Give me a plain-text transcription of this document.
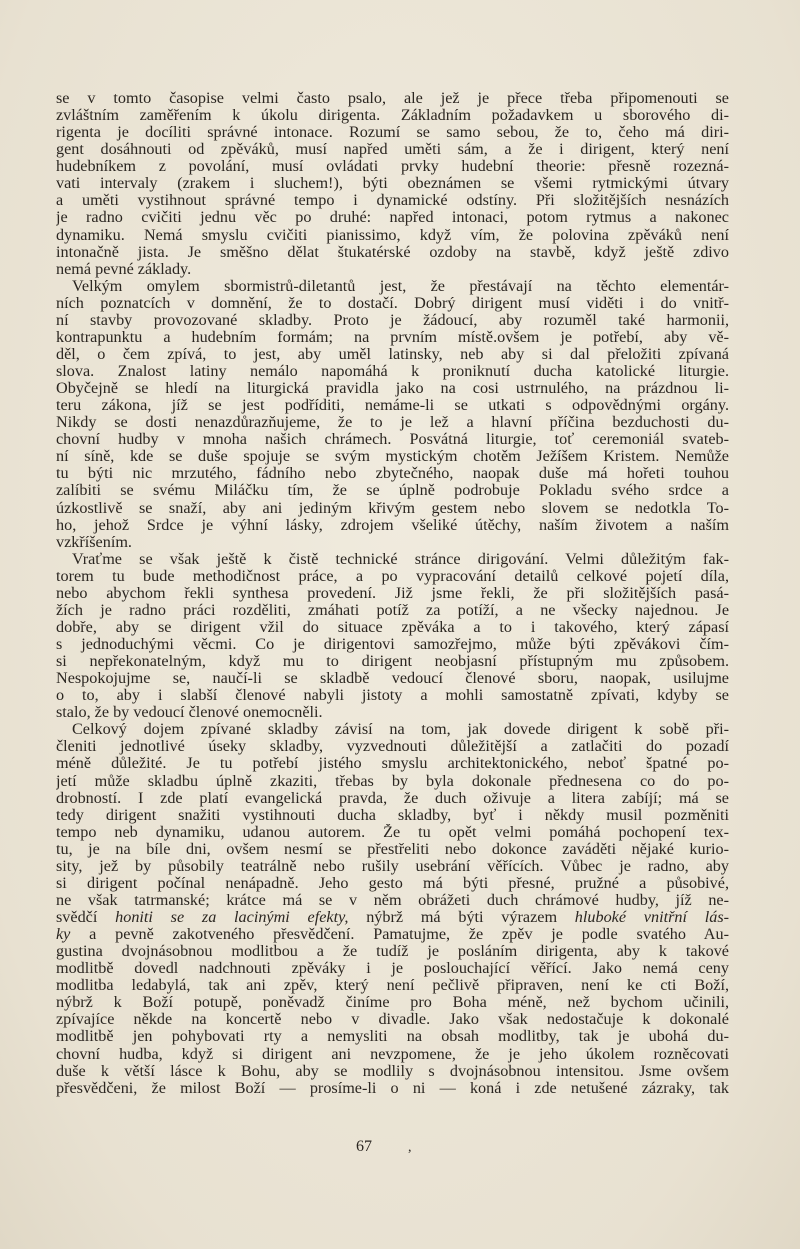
se v tomto časopise velmi často psalo, ale jež je přece třeba připomenouti se
zvláštním zaměřením k úkolu dirigenta. Základním požadavkem u sborového di-
rigenta je docíliti správné intonace. Rozumí se samo sebou, že to, čeho má diri-
gent dosáhnouti od zpěváků, musí napřed uměti sám, a že i dirigent, který není
hudebníkem z povolání, musí ovládati prvky hudební theorie: přesně rozezná-
vati intervaly (zrakem i sluchem!), býti obeznámen se všemi rytmickými útvary
a uměti vystihnout správné tempo i dynamické odstíny. Při složitějších nesnázích
je radno cvičiti jednu věc po druhé: napřed intonaci, potom rytmus a nakonec
dynamiku. Nemá smyslu cvičiti pianissimo, když vím, že polovina zpěváků není
intonačně jista. Je směšno dělat štukatérské ozdoby na stavbě, když ještě zdivo
nemá pevné základy.
Velkým omylem sbormistrů-diletantů jest, že přestávají na těchto elementár-
ních poznatcích v domnění, že to dostačí. Dobrý dirigent musí viděti i do vnitř-
ní stavby provozované skladby. Proto je žádoucí, aby rozuměl také harmonii,
kontrapunktu a hudebním formám; na prvním místě.ovšem je potřebí, aby vě-
děl, o čem zpívá, to jest, aby uměl latinsky, neb aby si dal přeložiti zpívaná
slova. Znalost latiny nemálo napomáhá k proniknutí ducha katolické liturgie.
Obyčejně se hledí na liturgická pravidla jako na cosi ustrnulého, na prázdnou li-
teru zákona, jíž se jest podříditi, nemáme-li se utkati s odpovědnými orgány.
Nikdy se dosti nenazdůrazňujeme, že to je lež a hlavní příčina bezduchosti du-
chovní hudby v mnoha našich chrámech. Posvátná liturgie, toť ceremoniál svateb-
ní síně, kde se duše spojuje se svým mystickým chotěm Ježíšem Kristem. Nemůže
tu býti nic mrzutého, fádního nebo zbytečného, naopak duše má hořeti touhou
zalíbiti se svému Miláčku tím, že se úplně podrobuje Pokladu svého srdce a
úzkostlivě se snaží, aby ani jediným křivým gestem nebo slovem se nedotkla To-
ho, jehož Srdce je výhní lásky, zdrojem všeliké útěchy, naším životem a naším
vzkříšením.
Vraťme se však ještě k čistě technické stránce dirigování. Velmi důležitým fak-
torem tu bude methodičnost práce, a po vypracování detailů celkové pojetí díla,
nebo abychom řekli synthesa provedení. Již jsme řekli, že při složitějších pasá-
žích je radno práci rozděliti, zmáhati potíž za potíží, a ne všecky najednou. Je
dobře, aby se dirigent vžil do situace zpěváka a to i takového, který zápasí
s jednoduchými věcmi. Co je dirigentovi samozřejmo, může býti zpěvákovi čím-
si nepřekonatelným, když mu to dirigent neobjasní přístupným mu způsobem.
Nespokojujme se, naučí-li se skladbě vedoucí členové sboru, naopak, usilujme
o to, aby i slabší členové nabyli jistoty a mohli samostatně zpívati, kdyby se
stalo, že by vedoucí členové onemocněli.
Celkový dojem zpívané skladby závisí na tom, jak dovede dirigent k sobě při-
členiti jednotlivé úseky skladby, vyzvednouti důležitější a zatlačiti do pozadí
méně důležité. Je tu potřebí jistého smyslu architektonického, neboť špatné po-
jetí může skladbu úplně zkaziti, třebas by byla dokonale přednesena co do po-
drobností. I zde platí evangelická pravda, že duch oživuje a litera zabíjí; má se
tedy dirigent snažiti vystihnouti ducha skladby, byť i někdy musil pozměniti
tempo neb dynamiku, udanou autorem. Že tu opět velmi pomáhá pochopení tex-
tu, je na bíle dni, ovšem nesmí se přestřeliti nebo dokonce zaváděti nějaké kurio-
sity, jež by působily teatrálně nebo rušily usebrání věřících. Vůbec je radno, aby
si dirigent počínal nenápadně. Jeho gesto má býti přesné, pružné a působivé,
ne však tatrmanské; krátce má se v něm obrážeti duch chrámové hudby, jíž ne-
svědčí honiti se za lacinými efekty, nýbrž má býti výrazem hluboké vnitřní lás-
ky a pevně zakotveného přesvědčení. Pamatujme, že zpěv je podle svatého Au-
gustina dvojnásobnou modlitbou a že tudíž je posláním dirigenta, aby k takové
modlitbě dovedl nadchnouti zpěváky i je poslouchající věřící. Jako nemá ceny
modlitba ledabylá, tak ani zpěv, který není pečlivě připraven, není ke cti Boží,
nýbrž k Boží potupě, poněvadž činíme pro Boha méně, než bychom učinili,
zpívajíce někde na koncertě nebo v divadle. Jako však nedostačuje k dokonalé
modlitbě jen pohybovati rty a nemysliti na obsah modlitby, tak je ubohá du-
chovní hudba, když si dirigent ani nevzpomene, že je jeho úkolem rozněcovati
duše k větší lásce k Bohu, aby se modlily s dvojnásobnou intensitou. Jsme ovšem
přesvědčeni, že milost Boží — prosíme-li o ni — koná i zde netušené zázraky, tak
67	,
